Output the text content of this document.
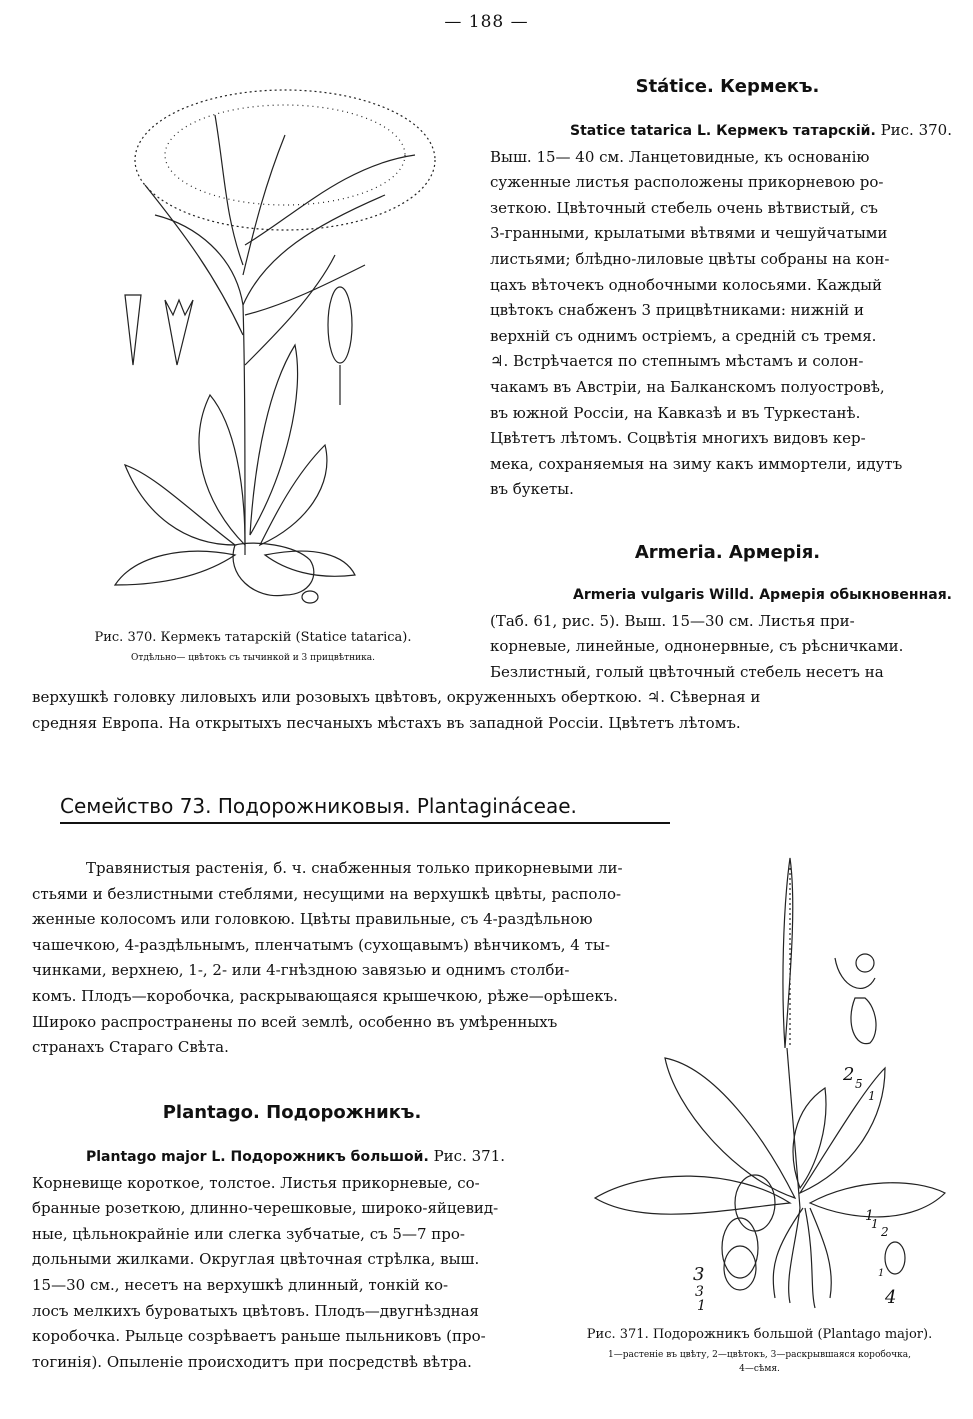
— 188 —
Рис. 370. Кермекъ татарскій (Statice tatarica).
Отдѣльно— цвѣтокъ съ тычинкой и 3 прицвѣтника.
Státice. Кермекъ.
Statice tatarica L. Кермекъ татарскій. Рис. 370.
Выш. 15— 40 см. Ланцетовидные, къ основанію
суженные листья расположены прикорневою ро-
зеткою. Цвѣточный стебель очень вѣтвистый, съ
3-гранными, крылатыми вѣтвями и чешуйчатыми
листьями; блѣдно-лиловые цвѣты собраны на кон-
цахъ вѣточекъ однобочными колосьями. Каждый
цвѣтокъ снабженъ 3 прицвѣтниками: нижній и
верхній съ однимъ остріемъ, а средній съ тремя.
♃. Встрѣчается по степнымъ мѣстамъ и солон-
чакамъ въ Австріи, на Балканскомъ полуостровѣ,
въ южной Россіи, на Кавказѣ и въ Туркестанѣ.
Цвѣтетъ лѣтомъ. Соцвѣтія многихъ видовъ кер-
мека, сохраняемыя на зиму какъ иммортели, идутъ
въ букеты.
Armeria. Армерія.
Armeria vulgaris Willd. Армерія обыкновенная.
(Таб. 61, рис. 5). Выш. 15—30 см. Листья при-
корневые, линейные, однонервные, съ рѣсничками.
Безлистный, голый цвѣточный стебель несетъ на
верхушкѣ головку лиловыхъ или розовыхъ цвѣтовъ, окруженныхъ оберткою. ♃. Сѣверная и
средняя Европа. На открытыхъ песчаныхъ мѣстахъ въ западной Россіи. Цвѣтетъ лѣтомъ.
Семейство 73. Подорожниковыя. Plantagináceae.
Травянистыя растенія, б. ч. снабженныя только прикорневыми ли-
стьями и безлистными стеблями, несущими на верхушкѣ цвѣты, располо-
женные колосомъ или головкою. Цвѣты правильные, съ 4-раздѣльною
чашечкою, 4-раздѣльнымъ, пленчатымъ (сухощавымъ) вѣнчикомъ, 4 ты-
чинками, верхнею, 1-, 2- или 4-гнѣздною завязью и однимъ столби-
комъ. Плодъ—коробочка, раскрывающаяся крышечкою, рѣже—орѣшекъ.
Широко распространены по всей землѣ, особенно въ умѣренныхъ
странахъ Стараго Свѣта.
2 5
1
1
1
2
3
3
1
1
4
Рис. 371. Подорожникъ большой (Plantago major).
1—растеніе въ цвѣту, 2—цвѣтокъ, 3—раскрывшаяся коробочка,
4—сѣмя.
Plantago. Подорожникъ.
Plantago major L. Подорожникъ большой. Рис. 371.
Корневище короткое, толстое. Листья прикорневые, со-
бранные розеткою, длинно-черешковые, широко-яйцевид-
ные, цѣльнокрайніе или слегка зубчатые, съ 5—7 про-
дольными жилками. Округлая цвѣточная стрѣлка, выш.
15—30 см., несетъ на верхушкѣ длинный, тонкій ко-
лосъ мелкихъ буроватыхъ цвѣтовъ. Плодъ—двугнѣздная
коробочка. Рыльце созрѣваетъ раньше пыльниковъ (про-
тогинія). Опыленіе происходитъ при посредствѣ вѣтра.
